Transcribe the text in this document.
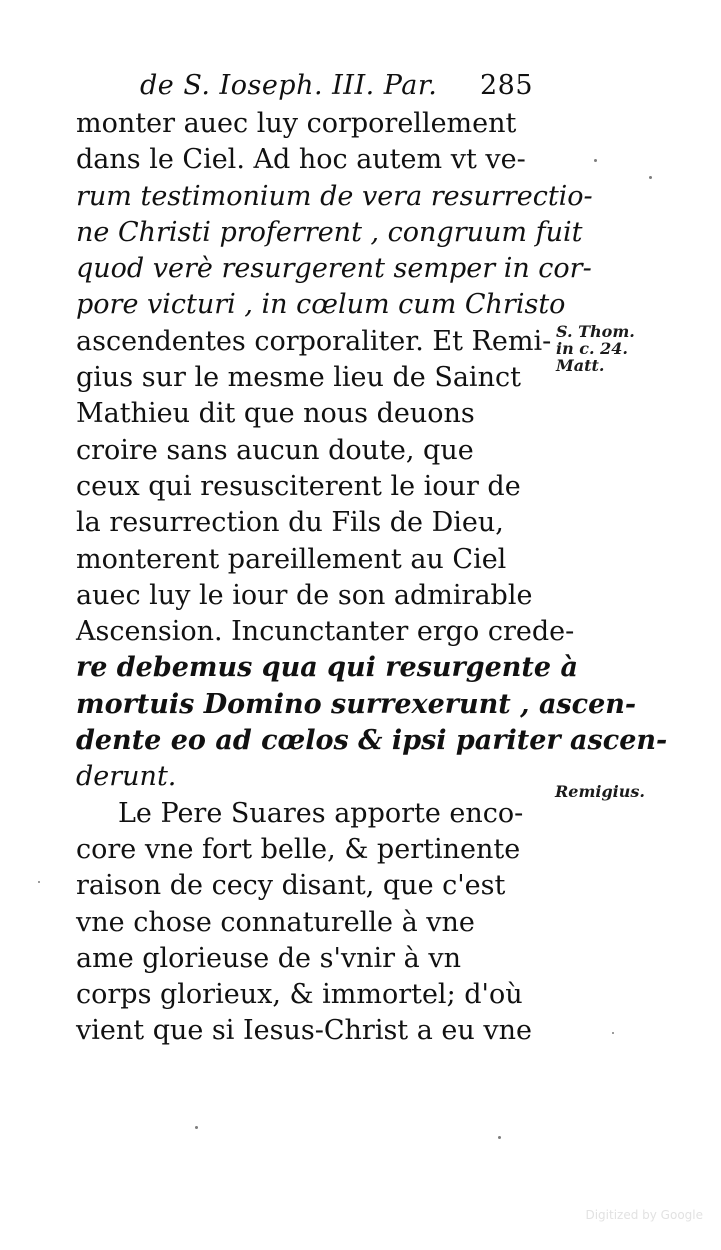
de S. Ioseph. III. Par. 285
monter auec luy corporellement
dans le Ciel. Ad hoc autem vt ve-
rum testimonium de vera resurrectio-
ne Christi proferrent , congruum fuit
quod verè resurgerent semper in cor-
pore victuri , in cœlum cum Christo
ascendentes corporaliter. Et Remi-
gius sur le mesme lieu de Sainct
Mathieu dit que nous deuons
croire sans aucun doute, que
ceux qui resusciterent le iour de
la resurrection du Fils de Dieu,
monterent pareillement au Ciel
auec luy le iour de son admirable
Ascension. Incunctanter ergo crede-
re debemus qua qui resurgente à
mortuis Domino surrexerunt , ascen-
dente eo ad cœlos & ipsi pariter ascen-
derunt.
Le Pere Suares apporte enco-
core vne fort belle, & pertinente
raison de cecy disant, que c'est
vne chose connaturelle à vne
ame glorieuse de s'vnir à vn
corps glorieux, & immortel; d'où
vient que si Iesus-Christ a eu vne
S. Thom.
in c. 24.
Matt.
Remigius.
Digitized by Google
